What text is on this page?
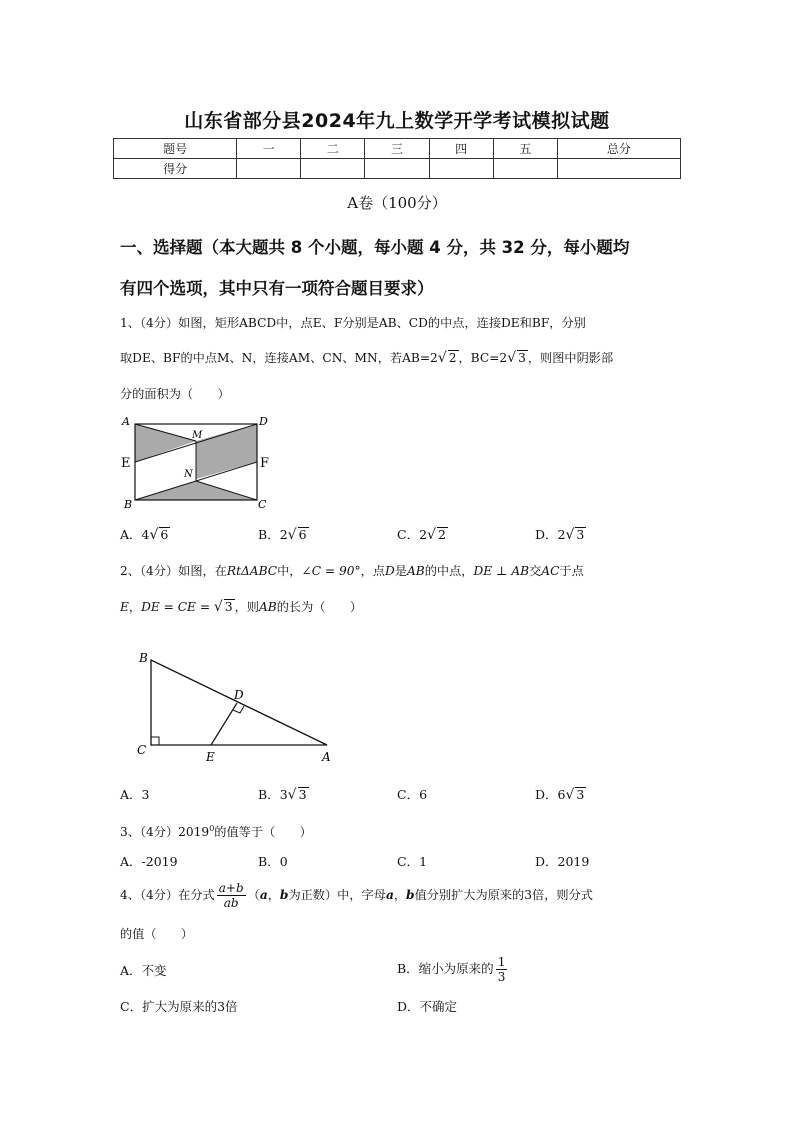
山东省部分县2024年九上数学开学考试模拟试题
题号	一	二	三	四	五	总分
得分						
A卷（100分）
一、选择题（本大题共 8 个小题，每小题 4 分，共 32 分，每小题均
有四个选项，其中只有一项符合题目要求）
1、（4分）如图，矩形ABCD中，点E、F分别是AB、CD的中点，连接DE和BF，分别
取DE、BF的中点M、N，连接AM、CN、MN，若AB=2√ 2 ，BC=2√ 3 ，则图中阴影部
分的面积为（　　）
A	D
E	F
M
N
B	C
A．4√ 6	B．2√ 6	C．2√ 2	D．2√ 3
2、（4分）如图，在RtΔABC中，∠C = 90°，点D是AB的中点，DE ⊥ AB交AC于点
E，DE = CE = √ 3 ，则AB的长为（　　）
B
D
C	E	A
A．3	B．3√ 3	C．6	D．6√ 3
3、（4分）2019$^0$的值等于（　　）
A．-2019	B．0	C．1	D．2019
4、（4分）在分式 $\frac{a+b}{ab} (a$，b为正数）中，字母a，b值分别扩大为原来的3倍，则分式
的值（　　）
A．不变	B．缩小为原来的 $\frac{1}{3}$
C．扩大为原来的3倍	D．不确定
